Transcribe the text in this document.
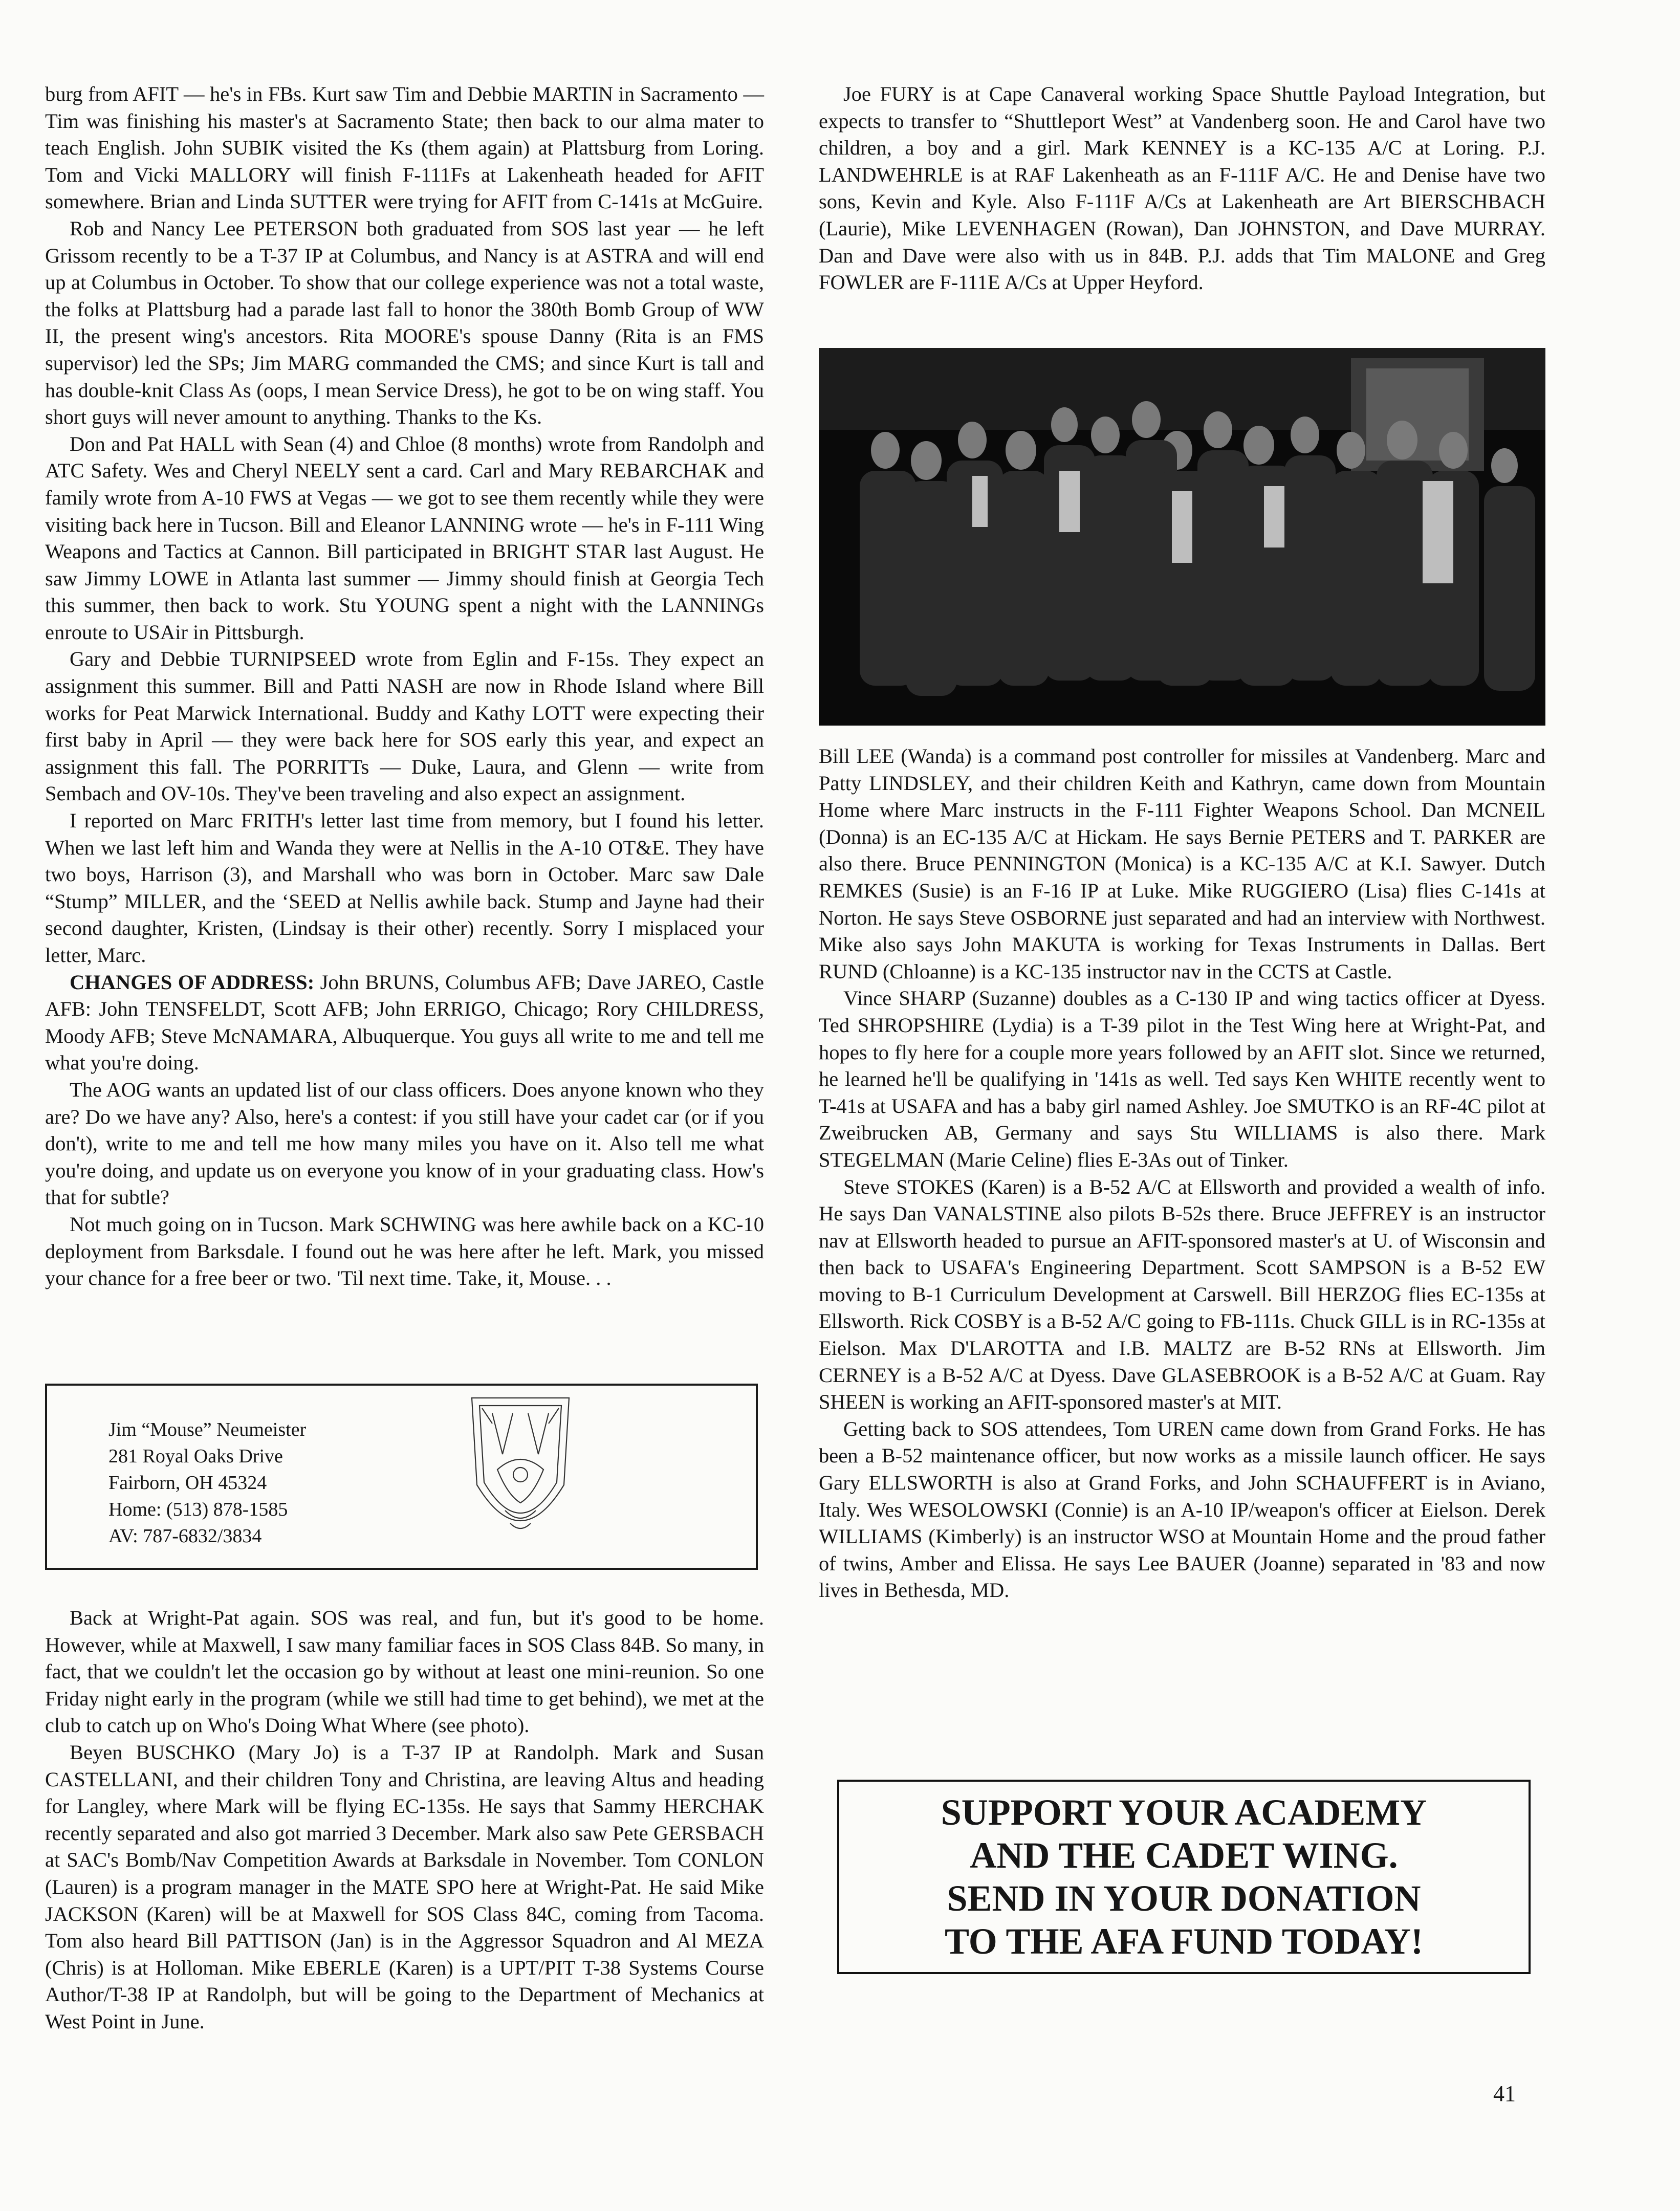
burg from AFIT — he's in FBs. Kurt saw Tim and Debbie MARTIN in Sacramento — Tim was finishing his master's at Sacramento State; then back to our alma mater to teach English. John SUBIK visited the Ks (them again) at Plattsburg from Loring. Tom and Vicki MALLORY will finish F-111Fs at Lakenheath headed for AFIT somewhere. Brian and Linda SUTTER were trying for AFIT from C-141s at McGuire.

Rob and Nancy Lee PETERSON both graduated from SOS last year — he left Grissom recently to be a T-37 IP at Columbus, and Nancy is at ASTRA and will end up at Columbus in October. To show that our college experience was not a total waste, the folks at Plattsburg had a parade last fall to honor the 380th Bomb Group of WW II, the present wing's ancestors. Rita MOORE's spouse Danny (Rita is an FMS supervisor) led the SPs; Jim MARG commanded the CMS; and since Kurt is tall and has double-knit Class As (oops, I mean Service Dress), he got to be on wing staff. You short guys will never amount to anything. Thanks to the Ks.

Don and Pat HALL with Sean (4) and Chloe (8 months) wrote from Randolph and ATC Safety. Wes and Cheryl NEELY sent a card. Carl and Mary REBARCHAK and family wrote from A-10 FWS at Vegas — we got to see them recently while they were visiting back here in Tucson. Bill and Eleanor LANNING wrote — he's in F-111 Wing Weapons and Tactics at Cannon. Bill participated in BRIGHT STAR last August. He saw Jimmy LOWE in Atlanta last summer — Jimmy should finish at Georgia Tech this summer, then back to work. Stu YOUNG spent a night with the LANNINGs enroute to USAir in Pittsburgh.

Gary and Debbie TURNIPSEED wrote from Eglin and F-15s. They expect an assignment this summer. Bill and Patti NASH are now in Rhode Island where Bill works for Peat Marwick International. Buddy and Kathy LOTT were expecting their first baby in April — they were back here for SOS early this year, and expect an assignment this fall. The PORRITTs — Duke, Laura, and Glenn — write from Sembach and OV-10s. They've been traveling and also expect an assignment.

I reported on Marc FRITH's letter last time from memory, but I found his letter. When we last left him and Wanda they were at Nellis in the A-10 OT&E. They have two boys, Harrison (3), and Marshall who was born in October. Marc saw Dale “Stump” MILLER, and the ‘SEED at Nellis awhile back. Stump and Jayne had their second daughter, Kristen, (Lindsay is their other) recently. Sorry I misplaced your letter, Marc.

CHANGES OF ADDRESS: John BRUNS, Columbus AFB; Dave JAREO, Castle AFB: John TENSFELDT, Scott AFB; John ERRIGO, Chicago; Rory CHILDRESS, Moody AFB; Steve McNAMARA, Albuquerque. You guys all write to me and tell me what you're doing.

The AOG wants an updated list of our class officers. Does anyone known who they are? Do we have any? Also, here's a contest: if you still have your cadet car (or if you don't), write to me and tell me how many miles you have on it. Also tell me what you're doing, and update us on everyone you know of in your graduating class. How's that for subtle?

Not much going on in Tucson. Mark SCHWING was here awhile back on a KC-10 deployment from Barksdale. I found out he was here after he left. Mark, you missed your chance for a free beer or two. 'Til next time. Take, it, Mouse. . .

Jim “Mouse” Neumeister
281 Royal Oaks Drive
Fairborn, OH 45324
Home: (513) 878-1585
AV: 787-6832/3834

Back at Wright-Pat again. SOS was real, and fun, but it's good to be home. However, while at Maxwell, I saw many familiar faces in SOS Class 84B. So many, in fact, that we couldn't let the occasion go by without at least one mini-reunion. So one Friday night early in the program (while we still had time to get behind), we met at the club to catch up on Who's Doing What Where (see photo).

Beyen BUSCHKO (Mary Jo) is a T-37 IP at Randolph. Mark and Susan CASTELLANI, and their children Tony and Christina, are leaving Altus and heading for Langley, where Mark will be flying EC-135s. He says that Sammy HERCHAK recently separated and also got married 3 December. Mark also saw Pete GERSBACH at SAC's Bomb/Nav Competition Awards at Barksdale in November. Tom CONLON (Lauren) is a program manager in the MATE SPO here at Wright-Pat. He said Mike JACKSON (Karen) will be at Maxwell for SOS Class 84C, coming from Tacoma. Tom also heard Bill PATTISON (Jan) is in the Aggressor Squadron and Al MEZA (Chris) is at Holloman. Mike EBERLE (Karen) is a UPT/PIT T-38 Systems Course Author/T-38 IP at Randolph, but will be going to the Department of Mechanics at West Point in June.

Joe FURY is at Cape Canaveral working Space Shuttle Payload Integration, but expects to transfer to “Shuttleport West” at Vandenberg soon. He and Carol have two children, a boy and a girl. Mark KENNEY is a KC-135 A/C at Loring. P.J. LANDWEHRLE is at RAF Lakenheath as an F-111F A/C. He and Denise have two sons, Kevin and Kyle. Also F-111F A/Cs at Lakenheath are Art BIERSCHBACH (Laurie), Mike LEVENHAGEN (Rowan), Dan JOHNSTON, and Dave MURRAY. Dan and Dave were also with us in 84B. P.J. adds that Tim MALONE and Greg FOWLER are F-111E A/Cs at Upper Heyford.

Bill LEE (Wanda) is a command post controller for missiles at Vandenberg. Marc and Patty LINDSLEY, and their children Keith and Kathryn, came down from Mountain Home where Marc instructs in the F-111 Fighter Weapons School. Dan MCNEIL (Donna) is an EC-135 A/C at Hickam. He says Bernie PETERS and T. PARKER are also there. Bruce PENNINGTON (Monica) is a KC-135 A/C at K.I. Sawyer. Dutch REMKES (Susie) is an F-16 IP at Luke. Mike RUGGIERO (Lisa) flies C-141s at Norton. He says Steve OSBORNE just separated and had an interview with Northwest. Mike also says John MAKUTA is working for Texas Instruments in Dallas. Bert RUND (Chloanne) is a KC-135 instructor nav in the CCTS at Castle.

Vince SHARP (Suzanne) doubles as a C-130 IP and wing tactics officer at Dyess. Ted SHROPSHIRE (Lydia) is a T-39 pilot in the Test Wing here at Wright-Pat, and hopes to fly here for a couple more years followed by an AFIT slot. Since we returned, he learned he'll be qualifying in '141s as well. Ted says Ken WHITE recently went to T-41s at USAFA and has a baby girl named Ashley. Joe SMUTKO is an RF-4C pilot at Zweibrucken AB, Germany and says Stu WILLIAMS is also there. Mark STEGELMAN (Marie Celine) flies E-3As out of Tinker.

Steve STOKES (Karen) is a B-52 A/C at Ellsworth and provided a wealth of info. He says Dan VANALSTINE also pilots B-52s there. Bruce JEFFREY is an instructor nav at Ellsworth headed to pursue an AFIT-sponsored master's at U. of Wisconsin and then back to USAFA's Engineering Department. Scott SAMPSON is a B-52 EW moving to B-1 Curriculum Development at Carswell. Bill HERZOG flies EC-135s at Ellsworth. Rick COSBY is a B-52 A/C going to FB-111s. Chuck GILL is in RC-135s at Eielson. Max D'LAROTTA and I.B. MALTZ are B-52 RNs at Ellsworth. Jim CERNEY is a B-52 A/C at Dyess. Dave GLASEBROOK is a B-52 A/C at Guam. Ray SHEEN is working an AFIT-sponsored master's at MIT.

Getting back to SOS attendees, Tom UREN came down from Grand Forks. He has been a B-52 maintenance officer, but now works as a missile launch officer. He says Gary ELLSWORTH is also at Grand Forks, and John SCHAUFFERT is in Aviano, Italy. Wes WESOLOWSKI (Connie) is an A-10 IP/weapon's officer at Eielson. Derek WILLIAMS (Kimberly) is an instructor WSO at Mountain Home and the proud father of twins, Amber and Elissa. He says Lee BAUER (Joanne) separated in '83 and now lives in Bethesda, MD.

SUPPORT YOUR ACADEMY
AND THE CADET WING.
SEND IN YOUR DONATION
TO THE AFA FUND TODAY!
41
